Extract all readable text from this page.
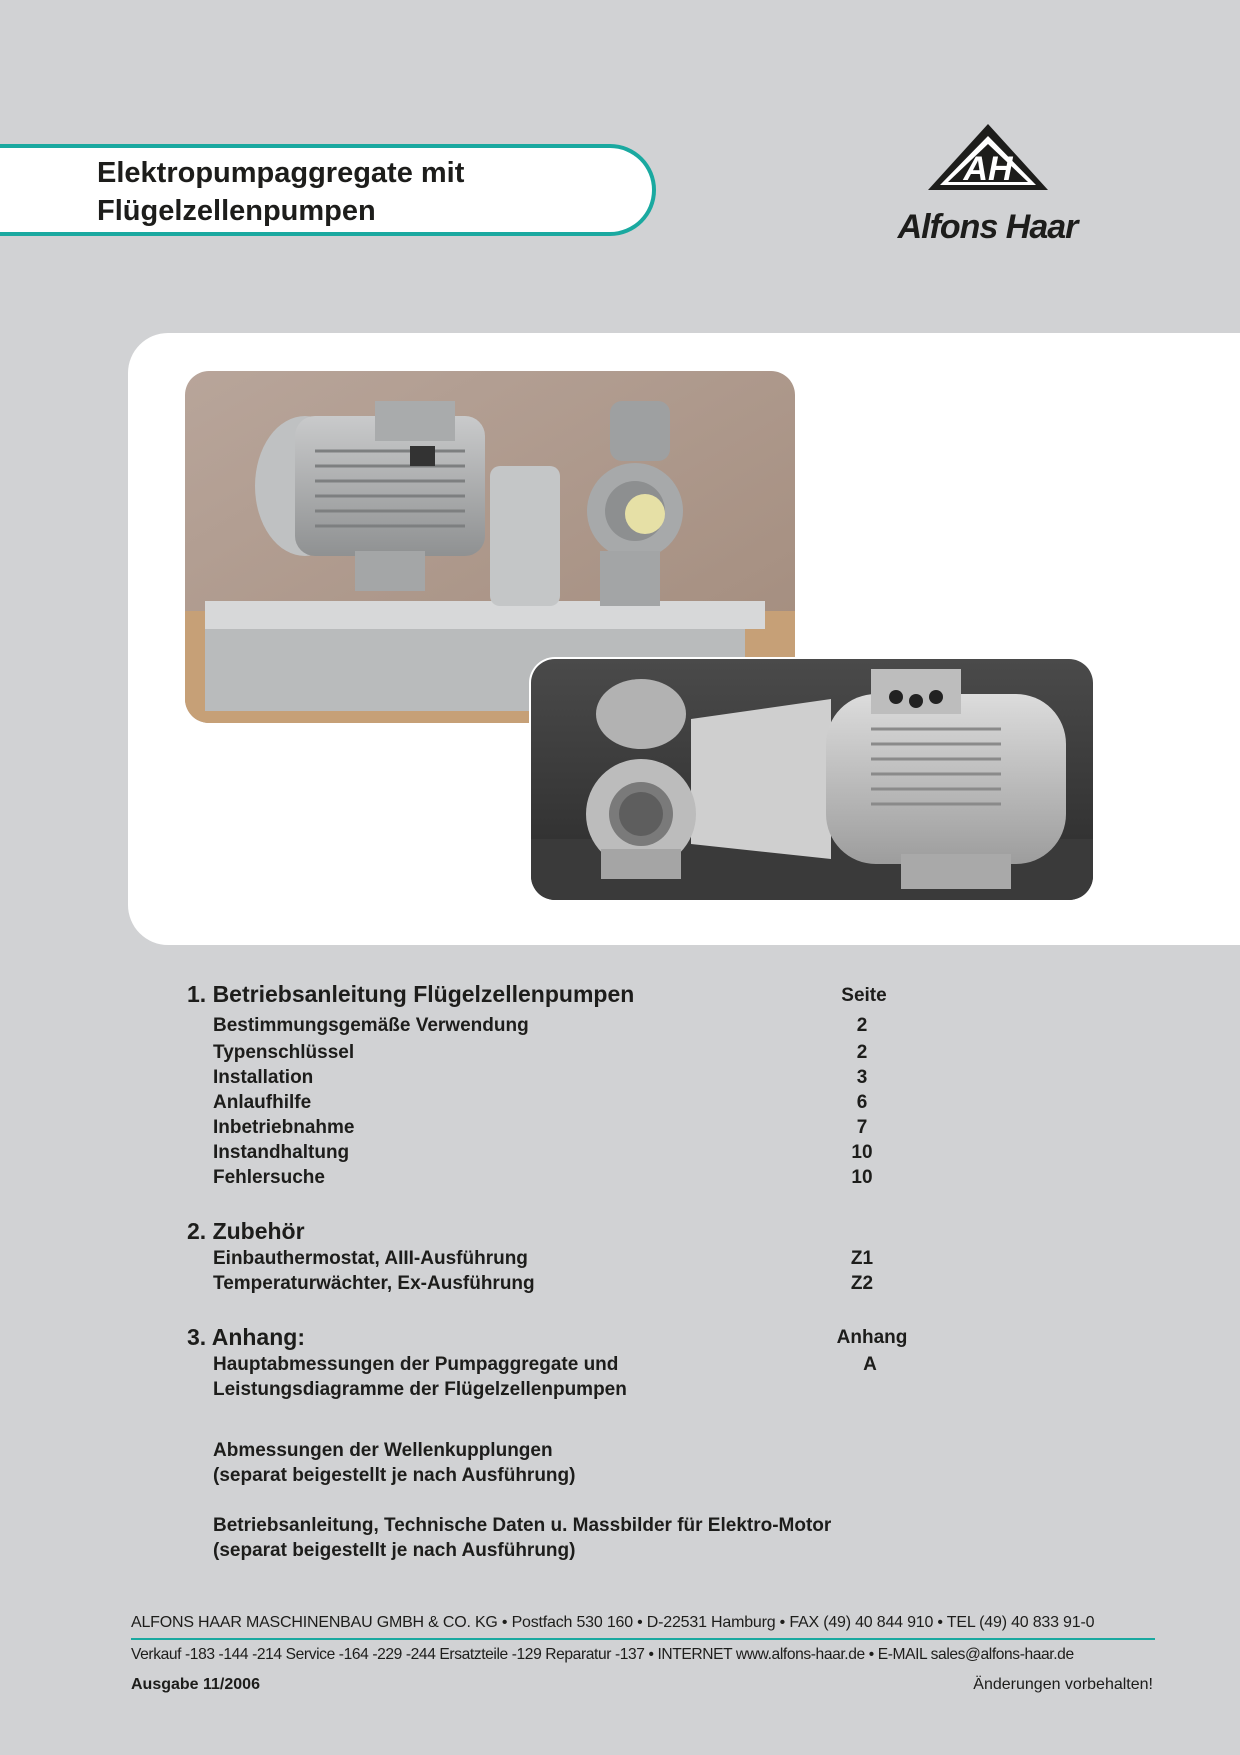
Elektropumpaggregate mit
Flügelzellenpumpen
AH
Alfons Haar
1. Betriebsanleitung Flügelzellenpumpen	Seite
Bestimmungsgemäße Verwendung	2
Typenschlüssel	2
Installation	3
Anlaufhilfe	6
Inbetriebnahme	7
Instandhaltung	10
Fehlersuche	10
2. Zubehör
Einbauthermostat, AIII-Ausführung	Z1
Temperaturwächter, Ex-Ausführung	Z2
3. Anhang:	Anhang
Hauptabmessungen der Pumpaggregate und	A
Leistungsdiagramme der Flügelzellenpumpen
Abmessungen der Wellenkupplungen
(separat beigestellt je nach Ausführung)
Betriebsanleitung, Technische Daten u. Massbilder für Elektro-Motor
(separat beigestellt je nach Ausführung)
ALFONS HAAR MASCHINENBAU GMBH & CO. KG • Postfach 530 160 • D-22531 Hamburg • FAX (49) 40 844 910 • TEL (49) 40 833 91-0
Verkauf -183 -144 -214 Service -164 -229 -244 Ersatzteile -129 Reparatur -137 • INTERNET www.alfons-haar.de • E-MAIL sales@alfons-haar.de
Ausgabe 11/2006	Änderungen vorbehalten!
